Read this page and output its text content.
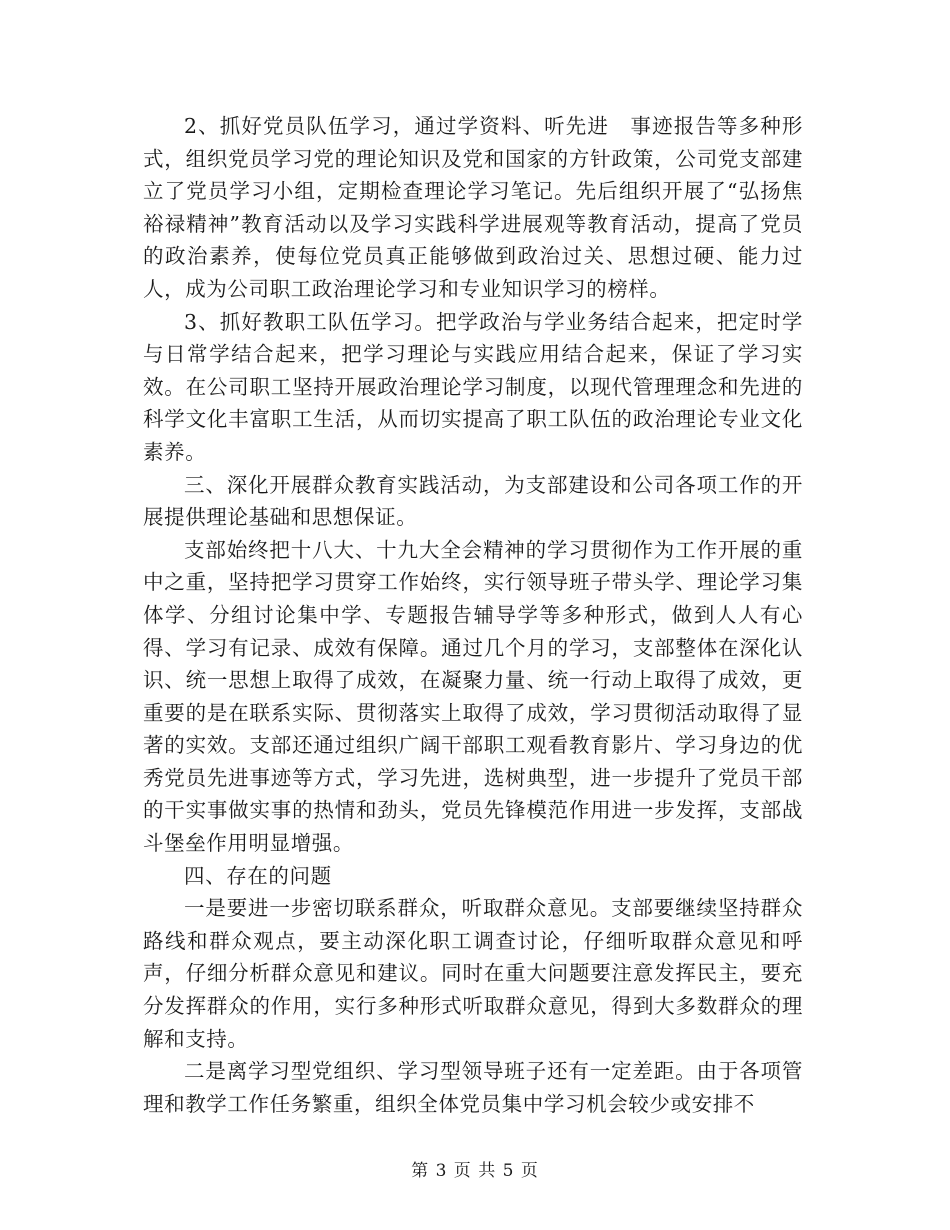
2、抓好党员队伍学习，通过学资料、听先进　事迹报告等多种形式，组织党员学习党的理论知识及党和国家的方针政策，公司党支部建立了党员学习小组，定期检查理论学习笔记。先后组织开展了“弘扬焦裕禄精神”教育活动以及学习实践科学进展观等教育活动，提高了党员的政治素养，使每位党员真正能够做到政治过关、思想过硬、能力过人，成为公司职工政治理论学习和专业知识学习的榜样。

3、抓好教职工队伍学习。把学政治与学业务结合起来，把定时学与日常学结合起来，把学习理论与实践应用结合起来，保证了学习实效。在公司职工坚持开展政治理论学习制度，以现代管理理念和先进的科学文化丰富职工生活，从而切实提高了职工队伍的政治理论专业文化素养。

三、深化开展群众教育实践活动，为支部建设和公司各项工作的开展提供理论基础和思想保证。

支部始终把十八大、十九大全会精神的学习贯彻作为工作开展的重中之重，坚持把学习贯穿工作始终，实行领导班子带头学、理论学习集体学、分组讨论集中学、专题报告辅导学等多种形式，做到人人有心得、学习有记录、成效有保障。通过几个月的学习，支部整体在深化认识、统一思想上取得了成效，在凝聚力量、统一行动上取得了成效，更重要的是在联系实际、贯彻落实上取得了成效，学习贯彻活动取得了显著的实效。支部还通过组织广阔干部职工观看教育影片、学习身边的优秀党员先进事迹等方式，学习先进，选树典型，进一步提升了党员干部的干实事做实事的热情和劲头，党员先锋模范作用进一步发挥，支部战斗堡垒作用明显增强。

四、存在的问题

一是要进一步密切联系群众，听取群众意见。支部要继续坚持群众路线和群众观点，要主动深化职工调查讨论，仔细听取群众意见和呼声，仔细分析群众意见和建议。同时在重大问题要注意发挥民主，要充分发挥群众的作用，实行多种形式听取群众意见，得到大多数群众的理解和支持。

二是离学习型党组织、学习型领导班子还有一定差距。由于各项管理和教学工作任务繁重，组织全体党员集中学习机会较少或安排不

第 3 页 共 5 页
